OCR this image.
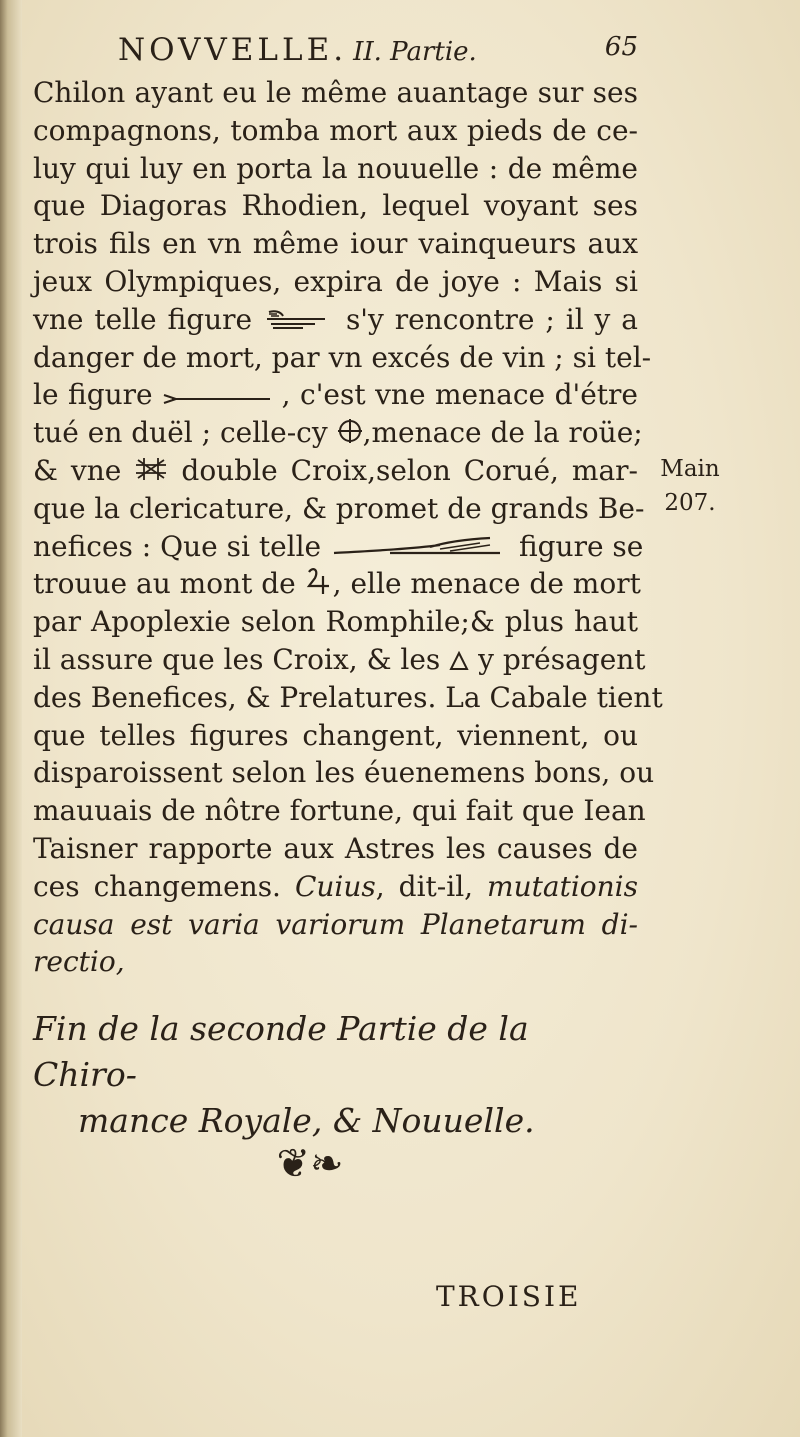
NOVVELLE. II. Partie.	65
Chilon ayant eu le même auantage sur ses
compagnons, tomba mort aux pieds de ce-
luy qui luy en porta la nouuelle : de même
que Diagoras Rhodien, lequel voyant ses
trois fils en vn même iour vainqueurs aux
jeux Olympiques, expira de joye : Mais si
vne telle figure	s'y rencontre ; il y a
danger de mort, par vn excés de vin ; si tel-
le figure	, c'est vne menace d'étre
tué en duël ; celle-cy ,menace de la roüe;
& vne double Croix,selon Corué, mar-
que la clericature, & promet de grands Be-
nefices : Que si telle	figure se
trouue au mont de , elle menace de mort
par Apoplexie selon Romphile;& plus haut
il assure que les Croix, & les y présagent
des Benefices, & Prelatures. La Cabale tient
que telles figures changent, viennent, ou
disparoissent selon les éuenemens bons, ou
mauuais de nôtre fortune, qui fait que Iean
Taisner rapporte aux Astres les causes de
ces changemens. Cuius, dit-il, mutationis
causa est varia variorum Planetarum di-
rectio,
Main
207.
Fin de la seconde Partie de la Chiro-
mance Royale, & Nouuelle.
❦❧
TROISIE
